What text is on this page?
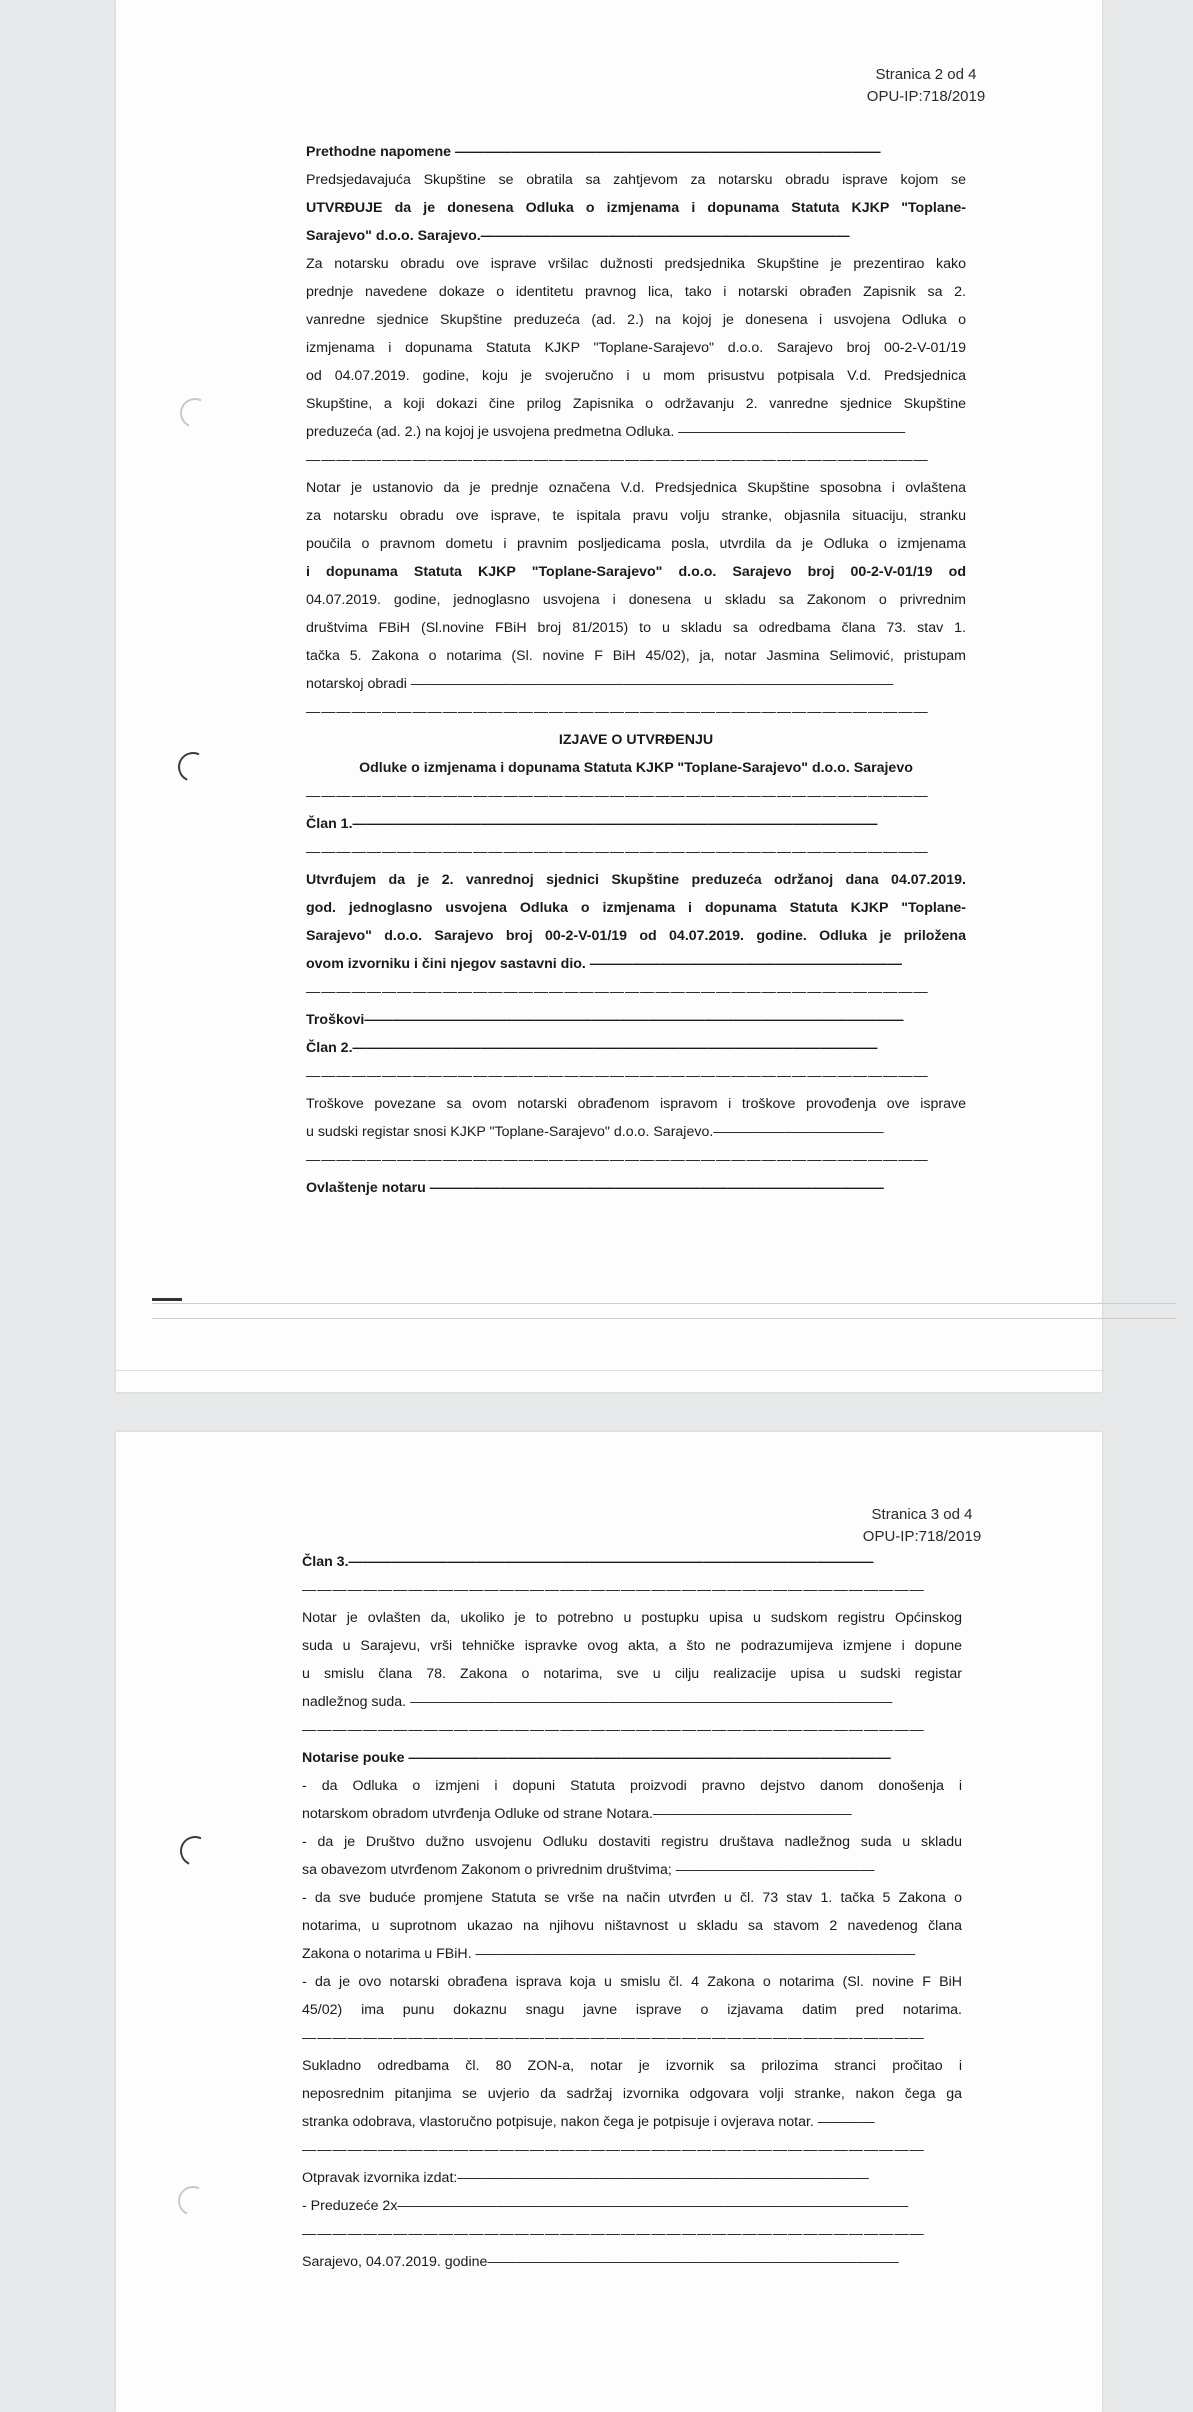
Stranica 2 od 4
OPU-IP:718/2019
Prethodne napomene ——————————————————————————————
Predsjedavajuća Skupštine se obratila sa zahtjevom za notarsku obradu isprave kojom se
UTVRĐUJE da je donesena Odluka o izmjenama i dopunama Statuta KJKP "Toplane-
Sarajevo" d.o.o. Sarajevo.——————————————————————————
Za notarsku obradu ove isprave vršilac dužnosti predsjednika Skupštine je prezentirao kako
prednje navedene dokaze o identitetu pravnog lica, tako i notarski obrađen Zapisnik sa 2.
vanredne sjednice Skupštine preduzeća (ad. 2.) na kojoj je donesena i usvojena Odluka o
izmjenama i dopunama Statuta KJKP "Toplane-Sarajevo" d.o.o. Sarajevo broj 00-2-V-01/19
od 04.07.2019. godine, koju je svojeručno i u mom prisustvu potpisala V.d. Predsjednica
Skupštine, a koji dokazi čine prilog Zapisnika o održavanju 2. vanredne sjednice Skupštine
preduzeća (ad. 2.) na kojoj je usvojena predmetna Odluka. ————————————————
—————————————————————————————————————————
Notar je ustanovio da je prednje označena V.d. Predsjednica Skupštine sposobna i ovlaštena
za notarsku obradu ove isprave, te ispitala pravu volju stranke, objasnila situaciju, stranku
poučila o pravnom dometu i pravnim posljedicama posla, utvrdila da je Odluka o izmjenama
i dopunama Statuta KJKP "Toplane-Sarajevo" d.o.o. Sarajevo broj 00-2-V-01/19 od
04.07.2019. godine, jednoglasno usvojena i donesena u skladu sa Zakonom o privrednim
društvima FBiH (Sl.novine FBiH broj 81/2015) to u skladu sa odredbama člana 73. stav 1.
tačka 5. Zakona o notarima (Sl. novine F BiH 45/02), ja, notar Jasmina Selimović, pristupam
notarskoj obradi ——————————————————————————————————
—————————————————————————————————————————
IZJAVE O UTVRĐENJU
Odluke o izmjenama i dopunama Statuta KJKP "Toplane-Sarajevo" d.o.o. Sarajevo
—————————————————————————————————————————
Član 1.—————————————————————————————————————
—————————————————————————————————————————
Utvrđujem da je 2. vanrednoj sjednici Skupštine preduzeća održanoj dana 04.07.2019.
god. jednoglasno usvojena Odluka o izmjenama i dopunama Statuta KJKP "Toplane-
Sarajevo" d.o.o. Sarajevo broj 00-2-V-01/19 od 04.07.2019. godine. Odluka je priložena
ovom izvorniku i čini njegov sastavni dio. ——————————————————————
—————————————————————————————————————————
Troškovi——————————————————————————————————————
Član 2.—————————————————————————————————————
—————————————————————————————————————————
Troškove povezane sa ovom notarski obrađenom ispravom i troškove provođenja ove isprave
u sudski registar snosi KJKP "Toplane-Sarajevo" d.o.o. Sarajevo.————————————
—————————————————————————————————————————
Ovlaštenje notaru ————————————————————————————————
Stranica 3 od 4
OPU-IP:718/2019
Član 3.—————————————————————————————————————
—————————————————————————————————————————
Notar je ovlašten da, ukoliko je to potrebno u postupku upisa u sudskom registru Općinskog
suda u Sarajevu, vrši tehničke ispravke ovog akta, a što ne podrazumijeva izmjene i dopune
u smislu člana 78. Zakona o notarima, sve u cilju realizacije upisa u sudski registar
nadležnog suda. ——————————————————————————————————
—————————————————————————————————————————
Notarise pouke ——————————————————————————————————
- da Odluka o izmjeni i dopuni Statuta proizvodi pravno dejstvo danom donošenja i
notarskom obradom utvrđenja Odluke od strane Notara.——————————————
- da je Društvo dužno usvojenu Odluku dostaviti registru društava nadležnog suda u skladu
sa obavezom utvrđenom Zakonom o privrednim društvima; ——————————————
- da sve buduće promjene Statuta se vrše na način utvrđen u čl. 73 stav 1. tačka 5 Zakona o
notarima, u suprotnom ukazao na njihovu ništavnost u skladu sa stavom 2 navedenog člana
Zakona o notarima u FBiH. ———————————————————————————————
- da je ovo notarski obrađena isprava koja u smislu čl. 4 Zakona o notarima (Sl. novine F BiH
45/02) ima punu dokaznu snagu javne isprave o izjavama datim pred notarima.
—————————————————————————————————————————
Sukladno odredbama čl. 80 ZON-a, notar je izvornik sa prilozima stranci pročitao i
neposrednim pitanjima se uvjerio da sadržaj izvornika odgovara volji stranke, nakon čega ga
stranka odobrava, vlastoručno potpisuje, nakon čega je potpisuje i ovjerava notar. ————
—————————————————————————————————————————
Otpravak izvornika izdat:—————————————————————————————
- Preduzeće 2x————————————————————————————————————
—————————————————————————————————————————
Sarajevo, 04.07.2019. godine—————————————————————————————
